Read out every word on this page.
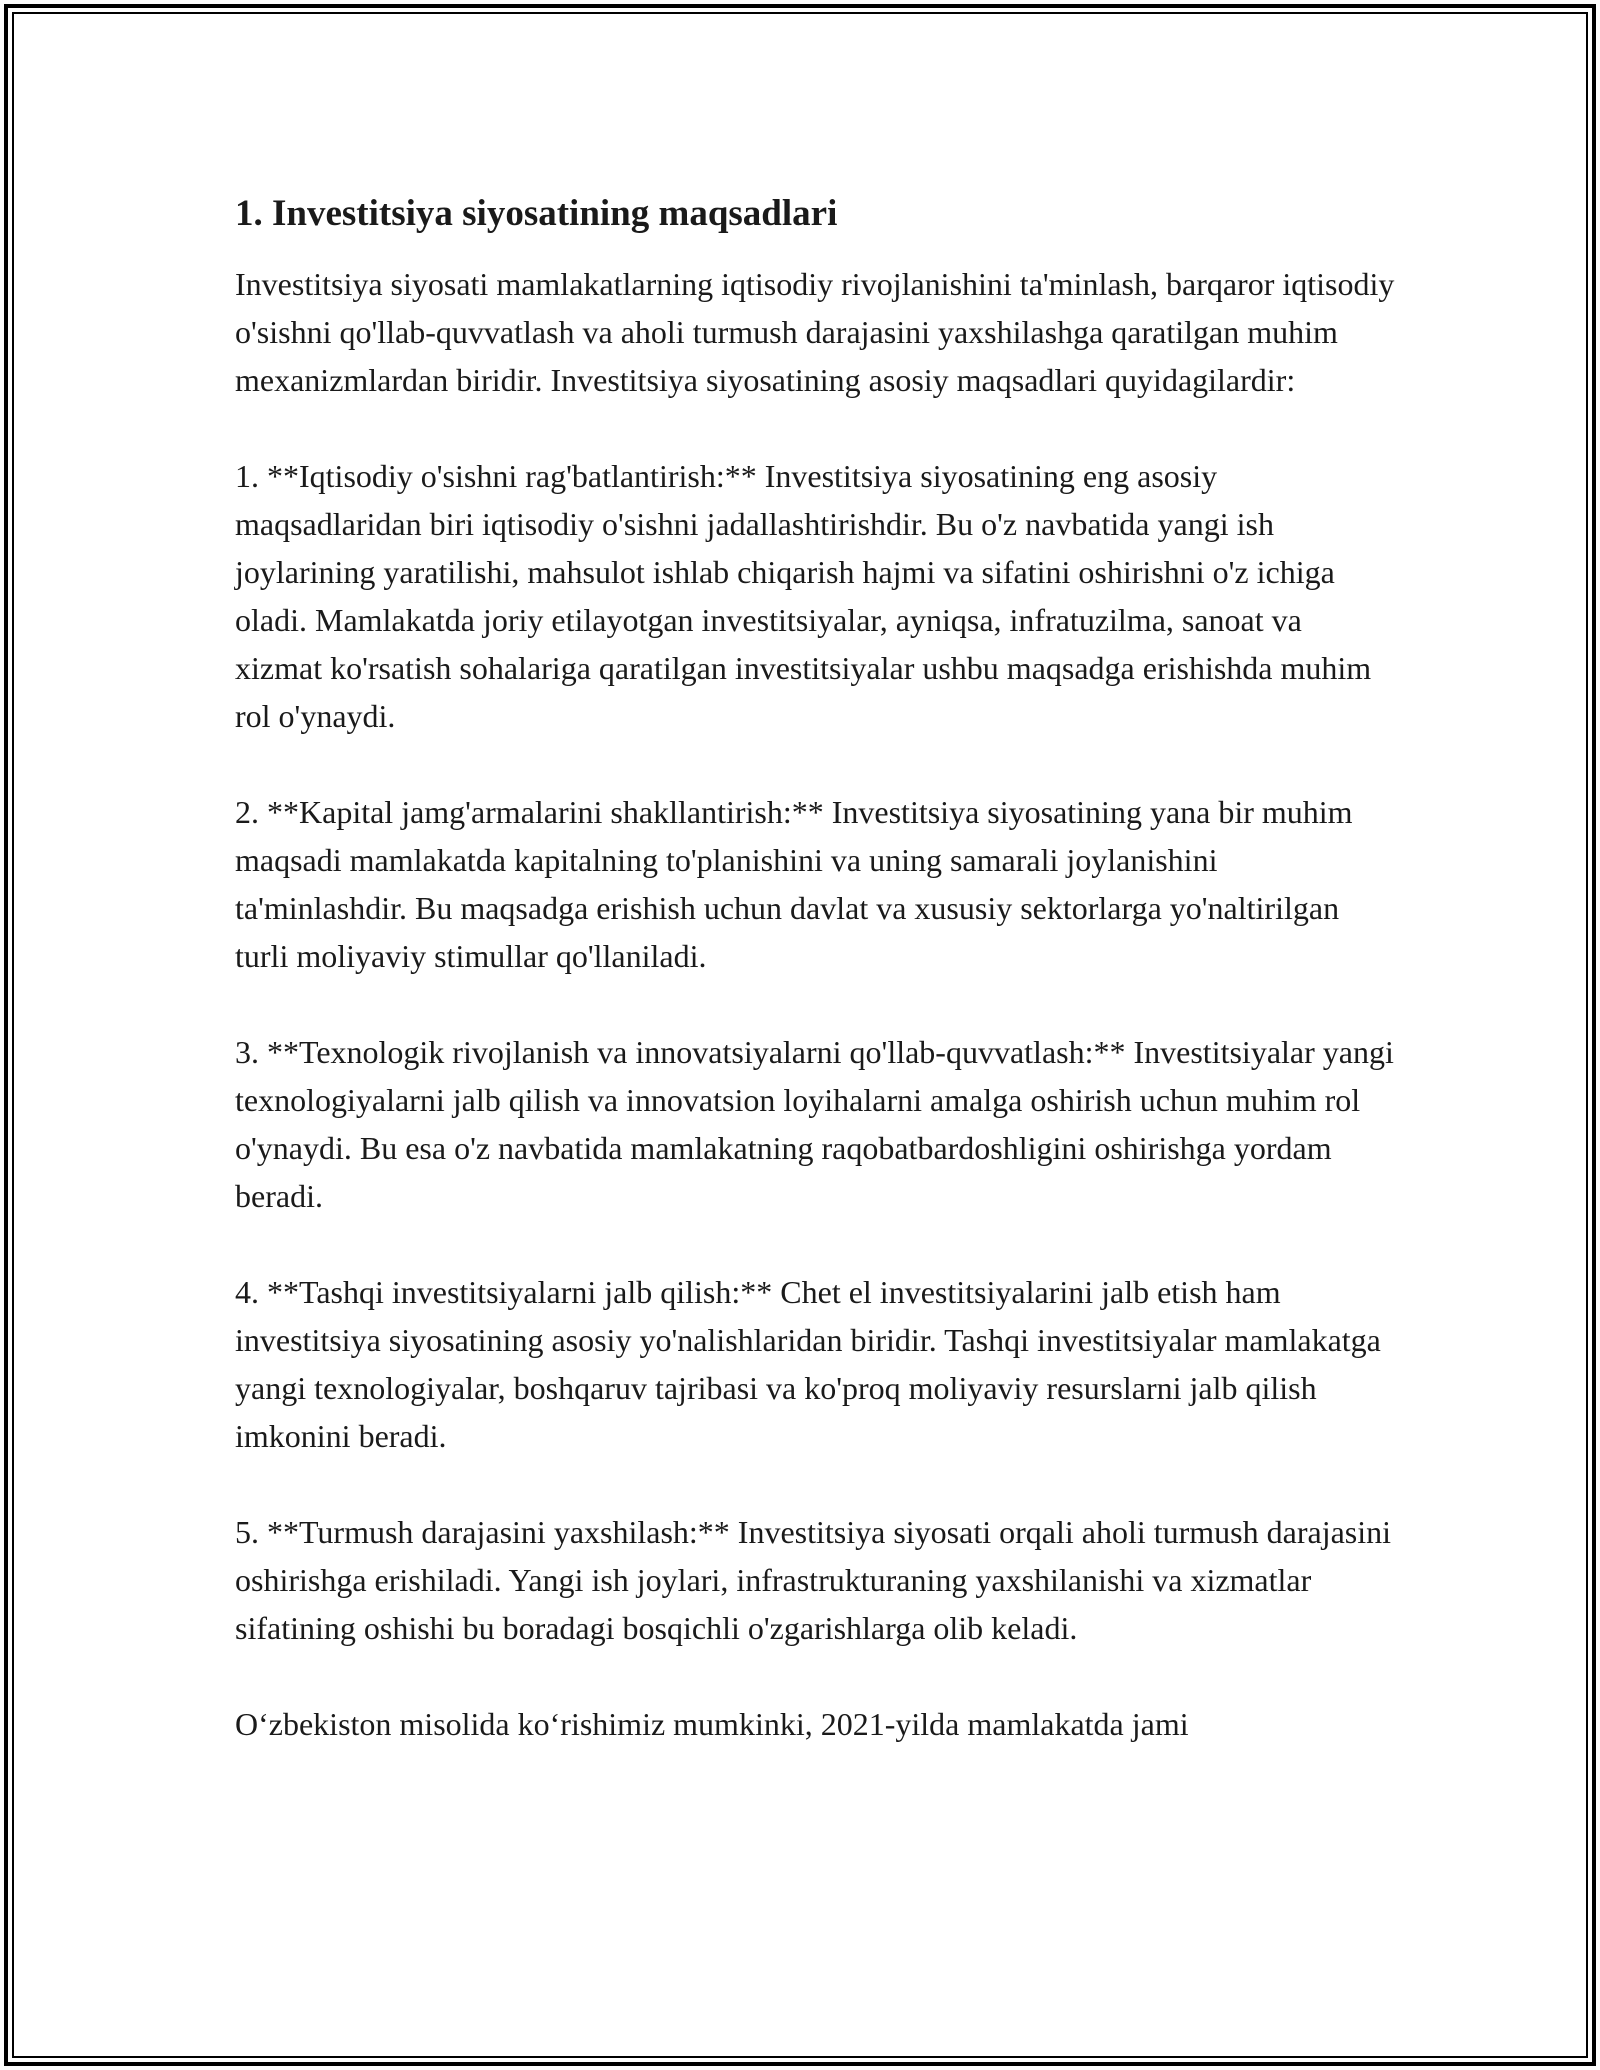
1. Investitsiya siyosatining maqsadlari

Investitsiya siyosati mamlakatlarning iqtisodiy rivojlanishini ta'minlash, barqaror iqtisodiy o'sishni qo'llab-quvvatlash va aholi turmush darajasini yaxshilashga qaratilgan muhim mexanizmlardan biridir. Investitsiya siyosatining asosiy maqsadlari quyidagilardir:

1. **Iqtisodiy o'sishni rag'batlantirish:** Investitsiya siyosatining eng asosiy maqsadlaridan biri iqtisodiy o'sishni jadallashtirishdir. Bu o'z navbatida yangi ish joylarining yaratilishi, mahsulot ishlab chiqarish hajmi va sifatini oshirishni o'z ichiga oladi. Mamlakatda joriy etilayotgan investitsiyalar, ayniqsa, infratuzilma, sanoat va xizmat ko'rsatish sohalariga qaratilgan investitsiyalar ushbu maqsadga erishishda muhim rol o'ynaydi.

2. **Kapital jamg'armalarini shakllantirish:** Investitsiya siyosatining yana bir muhim maqsadi mamlakatda kapitalning to'planishini va uning samarali joylanishini ta'minlashdir. Bu maqsadga erishish uchun davlat va xususiy sektorlarga yo'naltirilgan turli moliyaviy stimullar qo'llaniladi.

3. **Texnologik rivojlanish va innovatsiyalarni qo'llab-quvvatlash:** Investitsiyalar yangi texnologiyalarni jalb qilish va innovatsion loyihalarni amalga oshirish uchun muhim rol o'ynaydi. Bu esa o'z navbatida mamlakatning raqobatbardoshligini oshirishga yordam beradi.

4. **Tashqi investitsiyalarni jalb qilish:** Chet el investitsiyalarini jalb etish ham investitsiya siyosatining asosiy yo'nalishlaridan biridir. Tashqi investitsiyalar mamlakatga yangi texnologiyalar, boshqaruv tajribasi va ko'proq moliyaviy resurslarni jalb qilish imkonini beradi.

5. **Turmush darajasini yaxshilash:** Investitsiya siyosati orqali aholi turmush darajasini oshirishga erishiladi. Yangi ish joylari, infrastrukturaning yaxshilanishi va xizmatlar sifatining oshishi bu boradagi bosqichli o'zgarishlarga olib keladi.

O‘zbekiston misolida ko‘rishimiz mumkinki, 2021-yilda mamlakatda jami
